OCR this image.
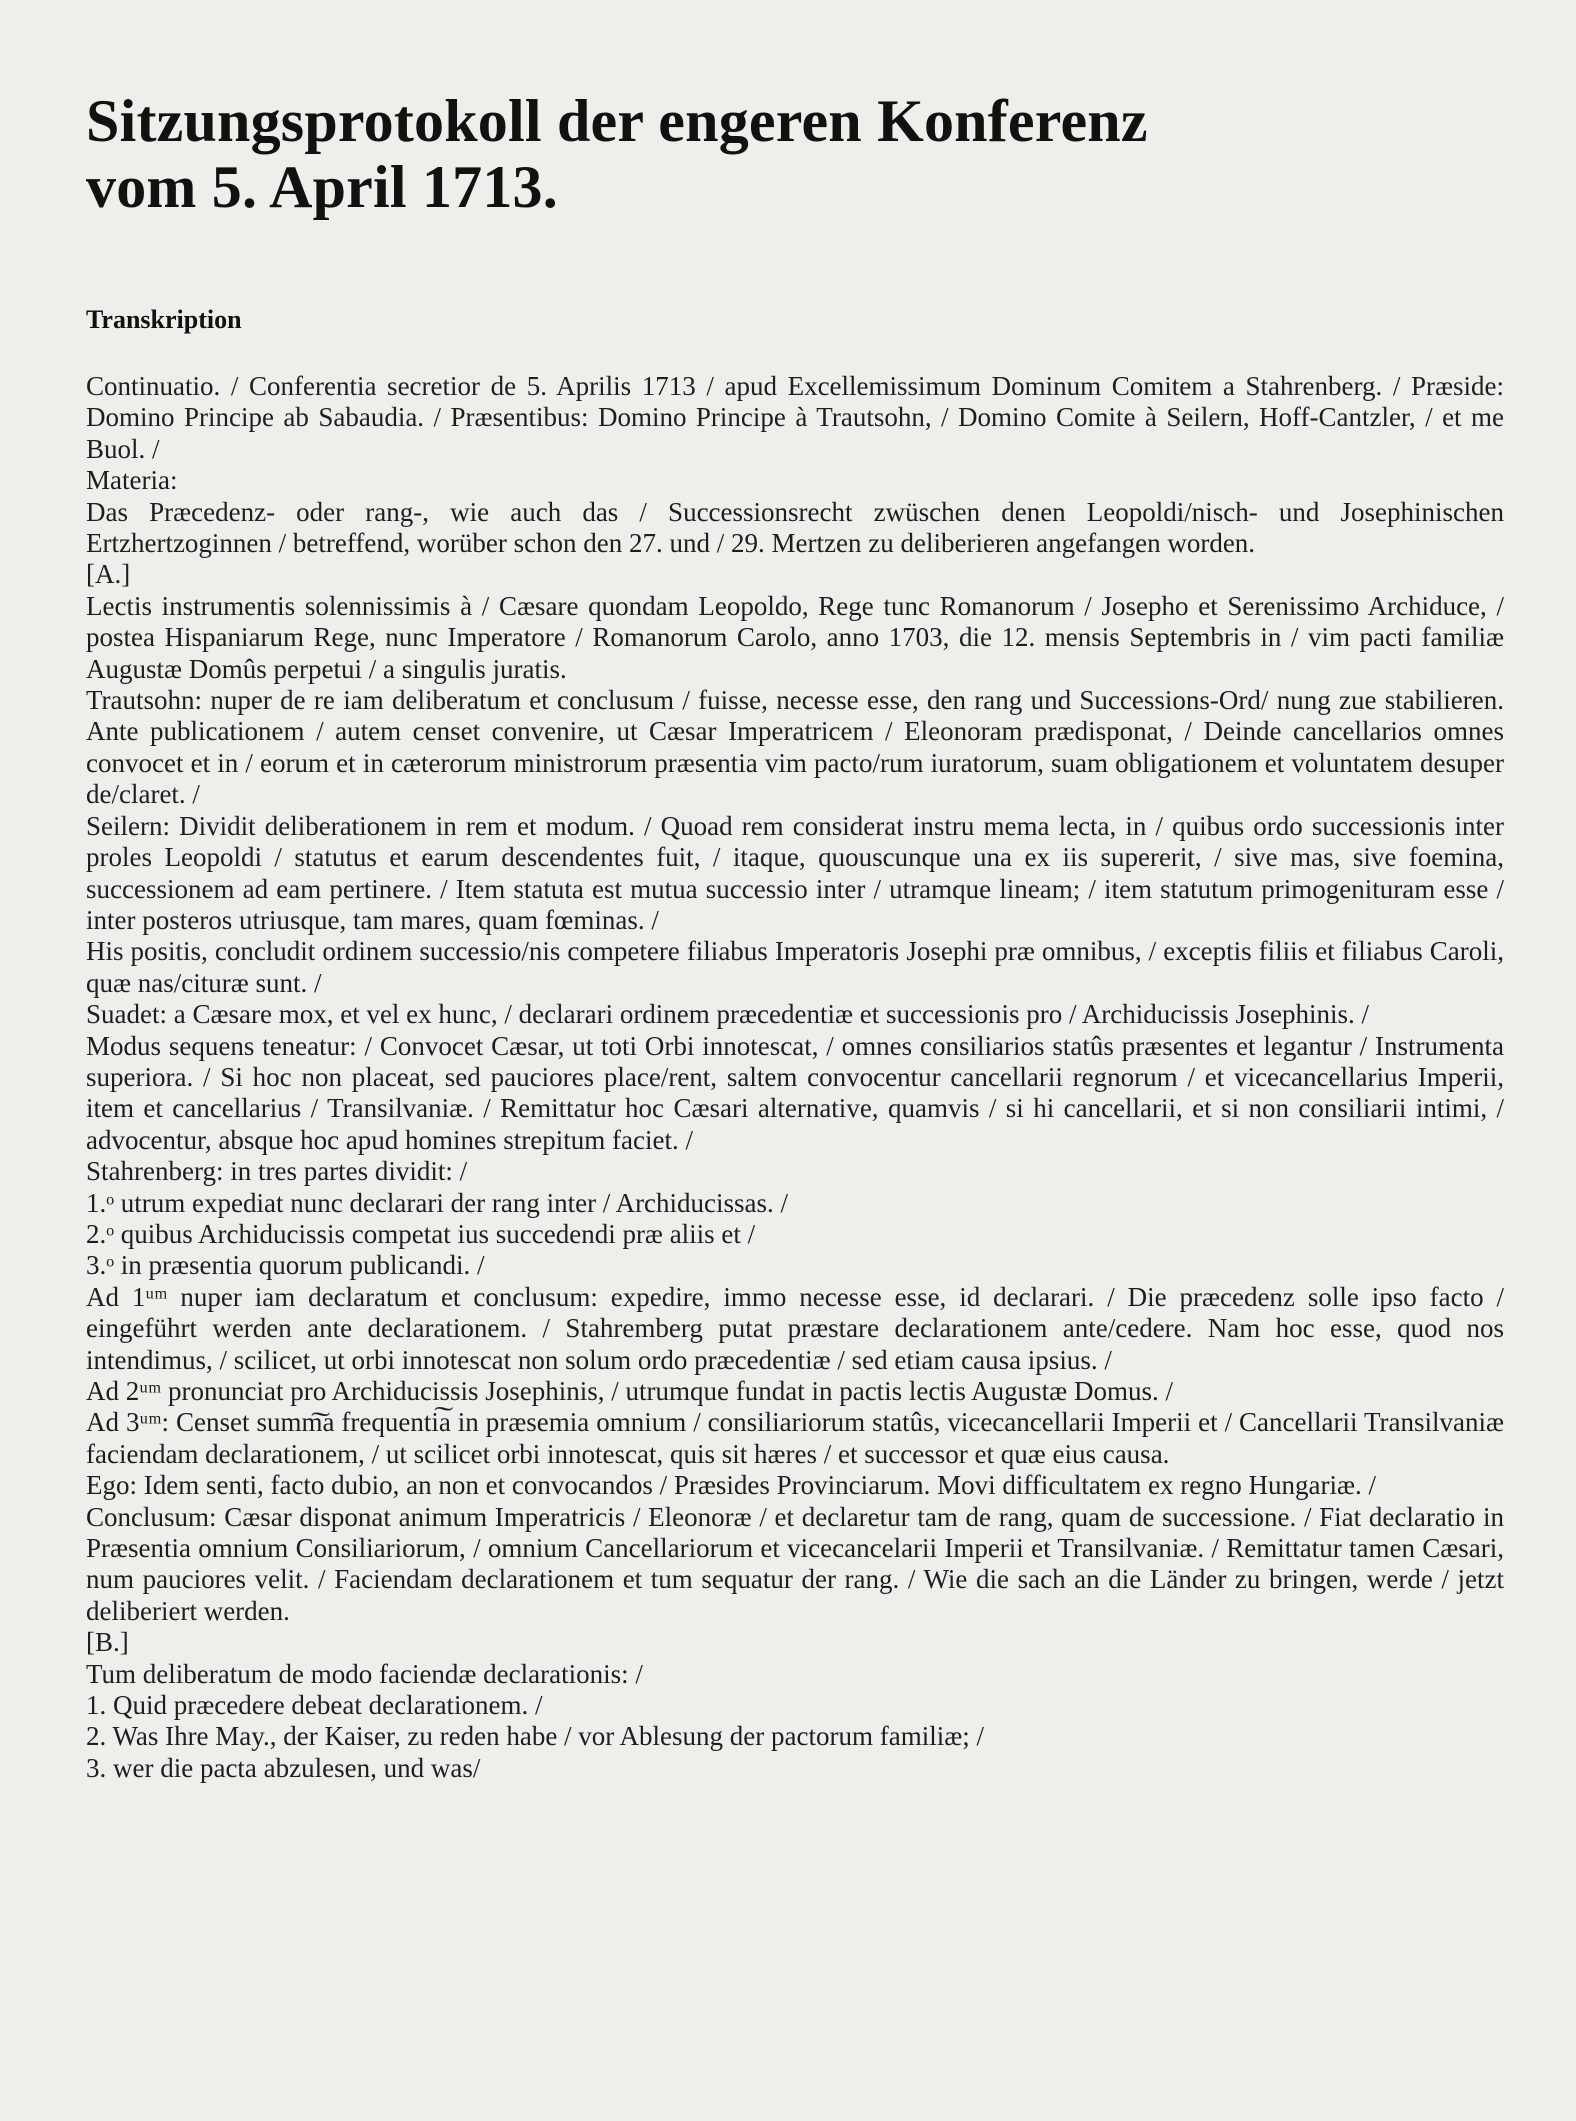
Sitzungsprotokoll der engeren Konferenz
vom 5. April 1713.
Transkription

Continuatio. / Conferentia secretior de 5. Aprilis 1713 / apud Excellemissimum Dominum Comitem a Stahrenberg. / Præside: Domino Principe ab Sabaudia. / Præsentibus: Domino Principe à Trautsohn, / Domino Comite à Seilern, Hoff-Cantzler, / et me Buol. /

Materia:

Das Præcedenz- oder rang-, wie auch das / Successionsrecht zwüschen denen Leopoldi/nisch- und Josephinischen Ertzhertzoginnen / betreffend, worüber schon den 27. und / 29. Mertzen zu deliberieren angefangen worden.

[A.]

Lectis instrumentis solennissimis à / Cæsare quondam Leopoldo, Rege tunc Romanorum / Josepho et Serenissimo Archiduce, / postea Hispaniarum Rege, nunc Imperatore / Romanorum Carolo, anno 1703, die 12. mensis Septembris in / vim pacti familiæ Augustæ Domûs perpetui / a singulis juratis.

Trautsohn: nuper de re iam deliberatum et conclusum / fuisse, necesse esse, den rang und Successions-Ord/ nung zue stabilieren. Ante publicationem / autem censet convenire, ut Cæsar Imperatricem / Eleonoram prædisponat, / Deinde cancellarios omnes convocet et in / eorum et in cæterorum ministrorum præsentia vim pacto/rum iuratorum, suam obligationem et voluntatem desuper de/claret. /

Seilern: Dividit deliberationem in rem et modum. / Quoad rem considerat instru mema lecta, in / quibus ordo successionis inter proles Leopoldi / statutus et earum descendentes fuit, / itaque, quouscunque una ex iis supererit, / sive mas, sive foemina, successionem ad eam pertinere. / Item statuta est mutua successio inter / utramque lineam; / item statutum primogenituram esse / inter posteros utriusque, tam mares, quam fœminas. /

His positis, concludit ordinem successio/nis competere filiabus Imperatoris Josephi præ omnibus, / exceptis filiis et filiabus Caroli, quæ nas/cituræ sunt. /

Suadet: a Cæsare mox, et vel ex hunc, / declarari ordinem præcedentiæ et successionis pro / Archiducissis Josephinis. /

Modus sequens teneatur: / Convocet Cæsar, ut toti Orbi innotescat, / omnes consiliarios statûs præsentes et legantur / Instrumenta superiora. / Si hoc non placeat, sed pauciores place/rent, saltem convocentur cancellarii regnorum / et vicecancellarius Imperii, item et cancellarius / Transilvaniæ. / Remittatur hoc Cæsari alternative, quamvis / si hi cancellarii, et si non consiliarii intimi, / advocentur, absque hoc apud homines strepitum faciet. /

Stahrenberg: in tres partes dividit: /

1.ᵒ utrum expediat nunc declarari der rang inter / Archiducissas. /

2.ᵒ quibus Archiducissis competat ius succedendi præ aliis et /

3.ᵒ in præsentia quorum publicandi. /

Ad 1ᵘᵐ nuper iam declaratum et conclusum: expedire, immo necesse esse, id declarari. / Die præcedenz solle ipso facto / eingeführt werden ante declarationem. / Stahremberg putat præstare declarationem ante/cedere. Nam hoc esse, quod nos intendimus, / scilicet, ut orbi innotescat non solum ordo præcedentiæ / sed etiam causa ipsius. /

Ad 2ᵘᵐ pronunciat pro Archiducissis Josephinis, / utrumque fundat in pactis lectis Augustæ Domus. /

Ad 3ᵘᵐ: Censet summ͠a frequenti͠a in præsemia omnium / consiliariorum statûs, vicecancellarii Imperii et / Cancellarii Transilvaniæ faciendam declarationem, / ut scilicet orbi innotescat, quis sit hæres / et successor et quæ eius causa.

Ego: Idem senti, facto dubio, an non et convocandos / Præsides Provinciarum. Movi difficultatem ex regno Hungariæ. /

Conclusum: Cæsar disponat animum Imperatricis / Eleonoræ / et declaretur tam de rang, quam de successione. / Fiat declaratio in Præsentia omnium Consiliariorum, / omnium Cancellariorum et vicecancelarii Imperii et Transilvaniæ. / Remittatur tamen Cæsari, num pauciores velit. / Faciendam declarationem et tum sequatur der rang. / Wie die sach an die Länder zu bringen, werde / jetzt deliberiert werden.

[B.]

Tum deliberatum de modo faciendæ declarationis: /

1. Quid præcedere debeat declarationem. /

2. Was Ihre May., der Kaiser, zu reden habe / vor Ablesung der pactorum familiæ; /

3. wer die pacta abzulesen, und was/
